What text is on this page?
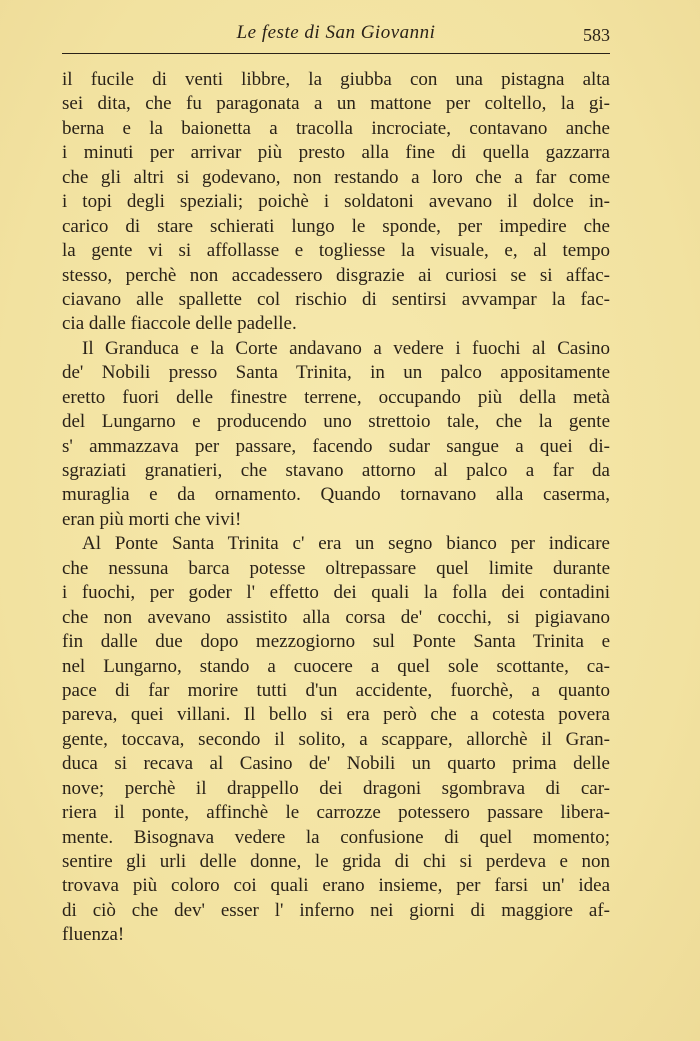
Le feste di San Giovanni	583
il fucile di venti libbre, la giubba con una pistagna alta
sei dita, che fu paragonata a un mattone per coltello, la gi-
berna e la baionetta a tracolla incrociate, contavano anche
i minuti per arrivar più presto alla fine di quella gazzarra
che gli altri si godevano, non restando a loro che a far come
i topi degli speziali; poichè i soldatoni avevano il dolce in-
carico di stare schierati lungo le sponde, per impedire che
la gente vi si affollasse e togliesse la visuale, e, al tempo
stesso, perchè non accadessero disgrazie ai curiosi se si affac-
ciavano alle spallette col rischio di sentirsi avvampar la fac-
cia dalle fiaccole delle padelle.
Il Granduca e la Corte andavano a vedere i fuochi al Casino
de' Nobili presso Santa Trinita, in un palco appositamente
eretto fuori delle finestre terrene, occupando più della metà
del Lungarno e producendo uno strettoio tale, che la gente
s' ammazzava per passare, facendo sudar sangue a quei di-
sgraziati granatieri, che stavano attorno al palco a far da
muraglia e da ornamento. Quando tornavano alla caserma,
eran più morti che vivi!
Al Ponte Santa Trinita c' era un segno bianco per indicare
che nessuna barca potesse oltrepassare quel limite durante
i fuochi, per goder l' effetto dei quali la folla dei contadini
che non avevano assistito alla corsa de' cocchi, si pigiavano
fin dalle due dopo mezzogiorno sul Ponte Santa Trinita e
nel Lungarno, stando a cuocere a quel sole scottante, ca-
pace di far morire tutti d'un accidente, fuorchè, a quanto
pareva, quei villani. Il bello si era però che a cotesta povera
gente, toccava, secondo il solito, a scappare, allorchè il Gran-
duca si recava al Casino de' Nobili un quarto prima delle
nove; perchè il drappello dei dragoni sgombrava di car-
riera il ponte, affinchè le carrozze potessero passare libera-
mente. Bisognava vedere la confusione di quel momento;
sentire gli urli delle donne, le grida di chi si perdeva e non
trovava più coloro coi quali erano insieme, per farsi un' idea
di ciò che dev' esser l' inferno nei giorni di maggiore af-
fluenza!
